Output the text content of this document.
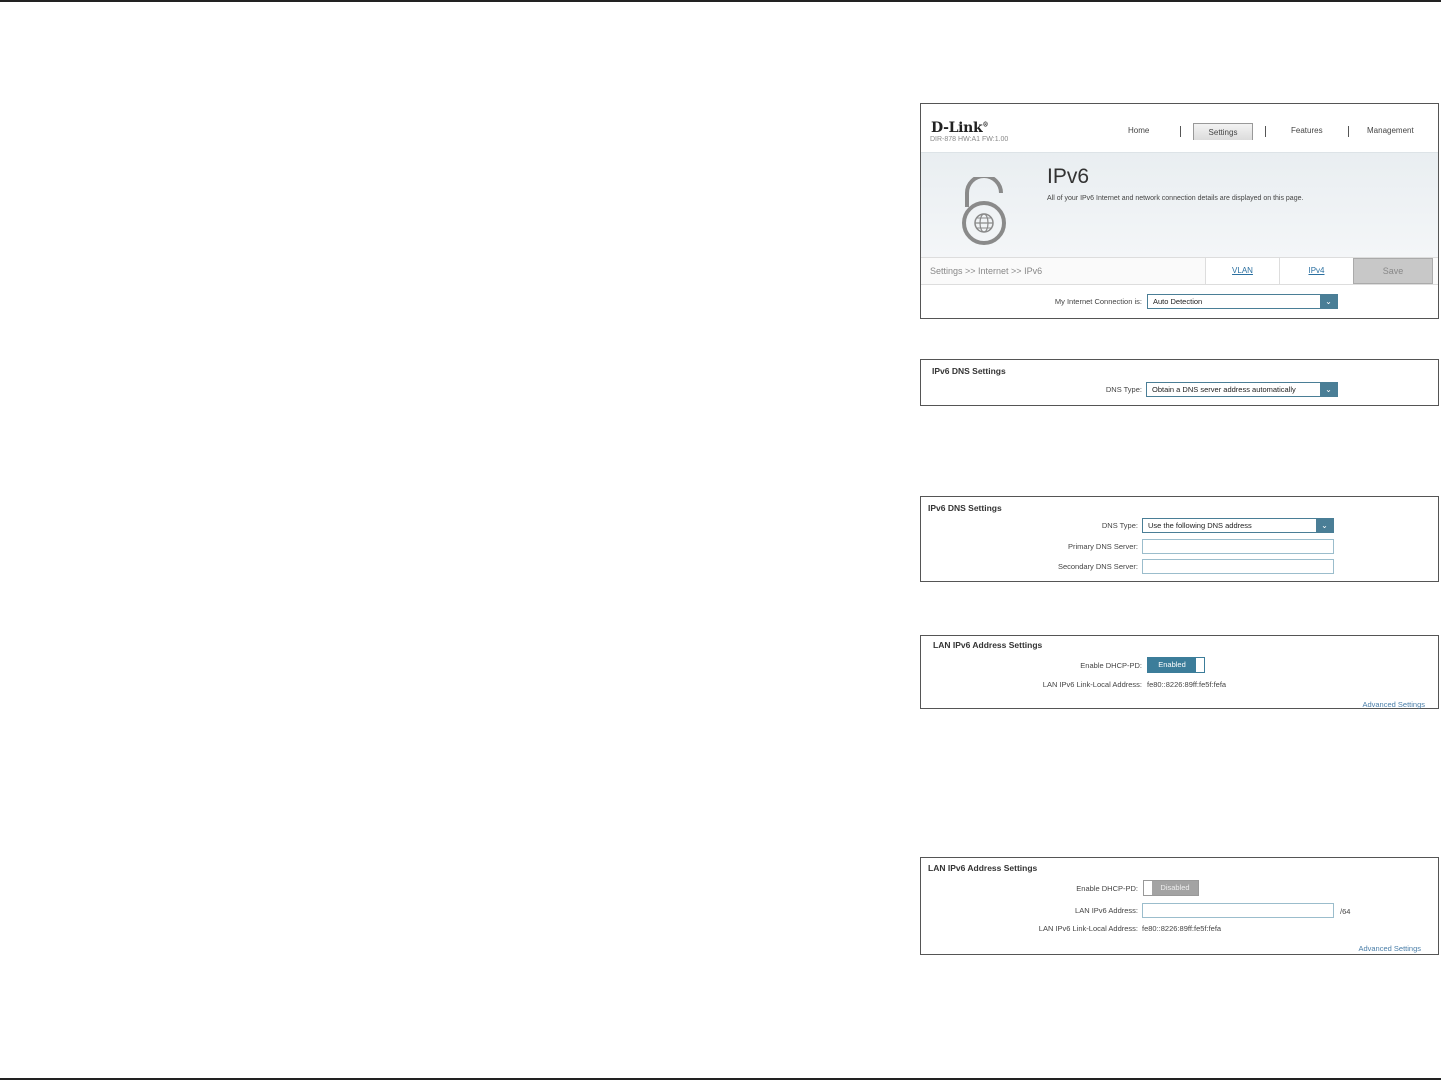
D-Link®
DIR-878 HW:A1 FW:1.00
Home	Settings	Features	Management
IPv6
All of your IPv6 Internet and network connection details are displayed on this page.
Settings >> Internet >> IPv6	VLAN	IPv4	Save
My Internet Connection is:	Auto Detection	⌄
IPv6 DNS Settings
DNS Type:	Obtain a DNS server address automatically	⌄
IPv6 DNS Settings
DNS Type:	Use the following DNS address	⌄
Primary DNS Server:
Secondary DNS Server:
LAN IPv6 Address Settings
Enable DHCP-PD:	Enabled
LAN IPv6 Link-Local Address: fe80::8226:89ff:fe5f:fefa
Advanced Settings
LAN IPv6 Address Settings
Enable DHCP-PD:	Disabled
LAN IPv6 Address:	/64
LAN IPv6 Link-Local Address: fe80::8226:89ff:fe5f:fefa
Advanced Settings
